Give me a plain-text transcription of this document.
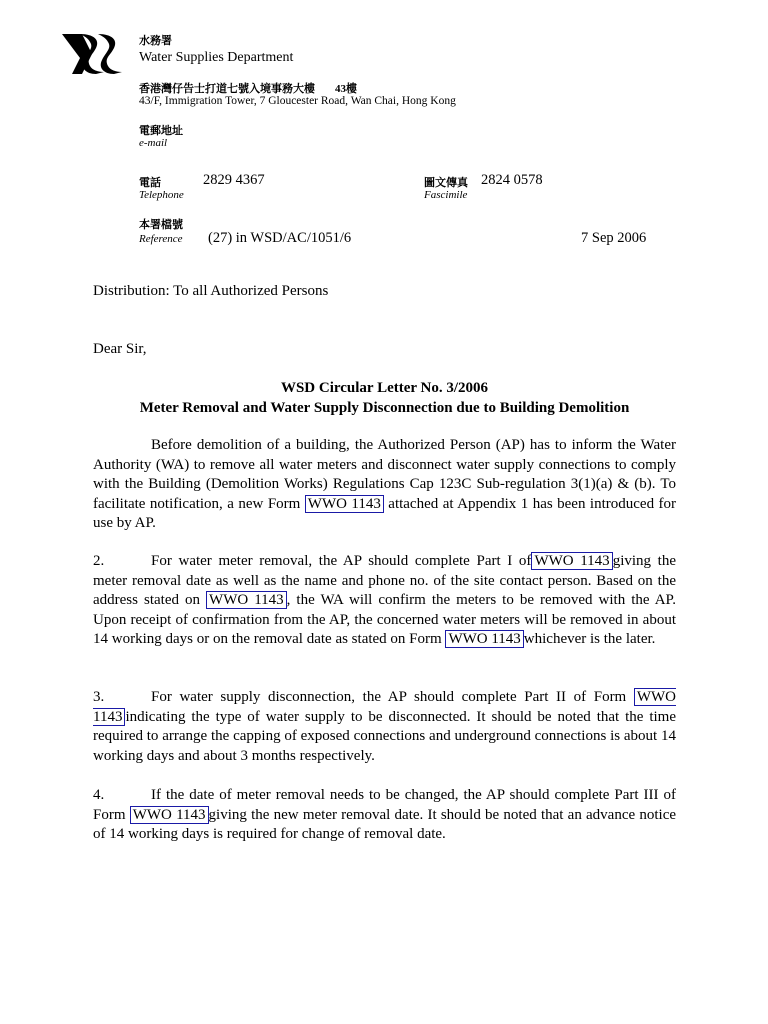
水務署
Water Supplies Department
香港灣仔告士打道七號入境事務大樓 43樓
43/F, Immigration Tower, 7 Gloucester Road, Wan Chai, Hong Kong
電郵地址
e-mail
電話	2829 4367
Telephone
圖文傳真 2824 0578
Fascimile
本署檔號
Reference (27) in WSD/AC/1051/6	7 Sep 2006
Distribution: To all Authorized Persons
Dear Sir,
WSD Circular Letter No. 3/2006
Meter Removal and Water Supply Disconnection due to Building Demolition

Before demolition of a building, the Authorized Person (AP) has to inform the Water Authority (WA) to remove all water meters and disconnect water supply connections to comply with the Building (Demolition Works) Regulations Cap 123C Sub-regulation 3(1)(a) & (b). To facilitate notification, a new Form WWO 1143 attached at Appendix 1 has been introduced for use by AP.

2.	For water meter removal, the AP should complete Part I of WWO 1143 giving the meter removal date as well as the name and phone no. of the site contact person. Based on the address stated on WWO 1143 , the WA will confirm the meters to be removed with the AP. Upon receipt of confirmation from the AP, the concerned water meters will be removed in about 14 working days or on the removal date as stated on Form WWO 1143 whichever is the later.

3.	For water supply disconnection, the AP should complete Part II of Form WWO 1143 indicating the type of water supply to be disconnected. It should be noted that the time required to arrange the capping of exposed connections and underground connections is about 14 working days and about 3 months respectively.

4.	If the date of meter removal needs to be changed, the AP should complete Part III of Form WWO 1143 giving the new meter removal date. It should be noted that an advance notice of 14 working days is required for change of removal date.
